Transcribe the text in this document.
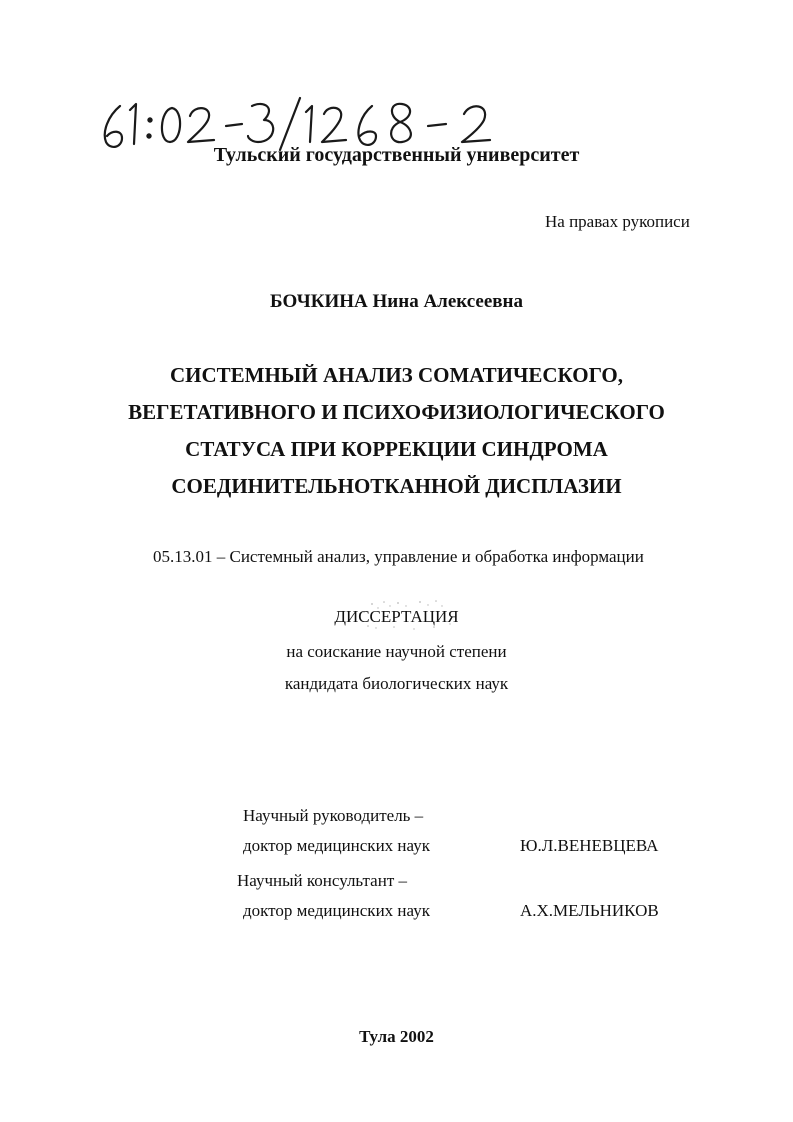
Тульский государственный университет
На правах рукописи
БОЧКИНА Нина Алексеевна
СИСТЕМНЫЙ АНАЛИЗ СОМАТИЧЕСКОГО,
ВЕГЕТАТИВНОГО И ПСИХОФИЗИОЛОГИЧЕСКОГО
СТАТУСА ПРИ КОРРЕКЦИИ СИНДРОМА
СОЕДИНИТЕЛЬНОТКАННОЙ ДИСПЛАЗИИ
05.13.01 – Системный анализ, управление и обработка информации
ДИССЕРТАЦИЯ
на соискание научной степени
кандидата биологических наук
Научный руководитель –
доктор медицинских наук	Ю.Л.ВЕНЕВЦЕВА
Научный консультант –
доктор медицинских наук	А.Х.МЕЛЬНИКОВ
Тула 2002
